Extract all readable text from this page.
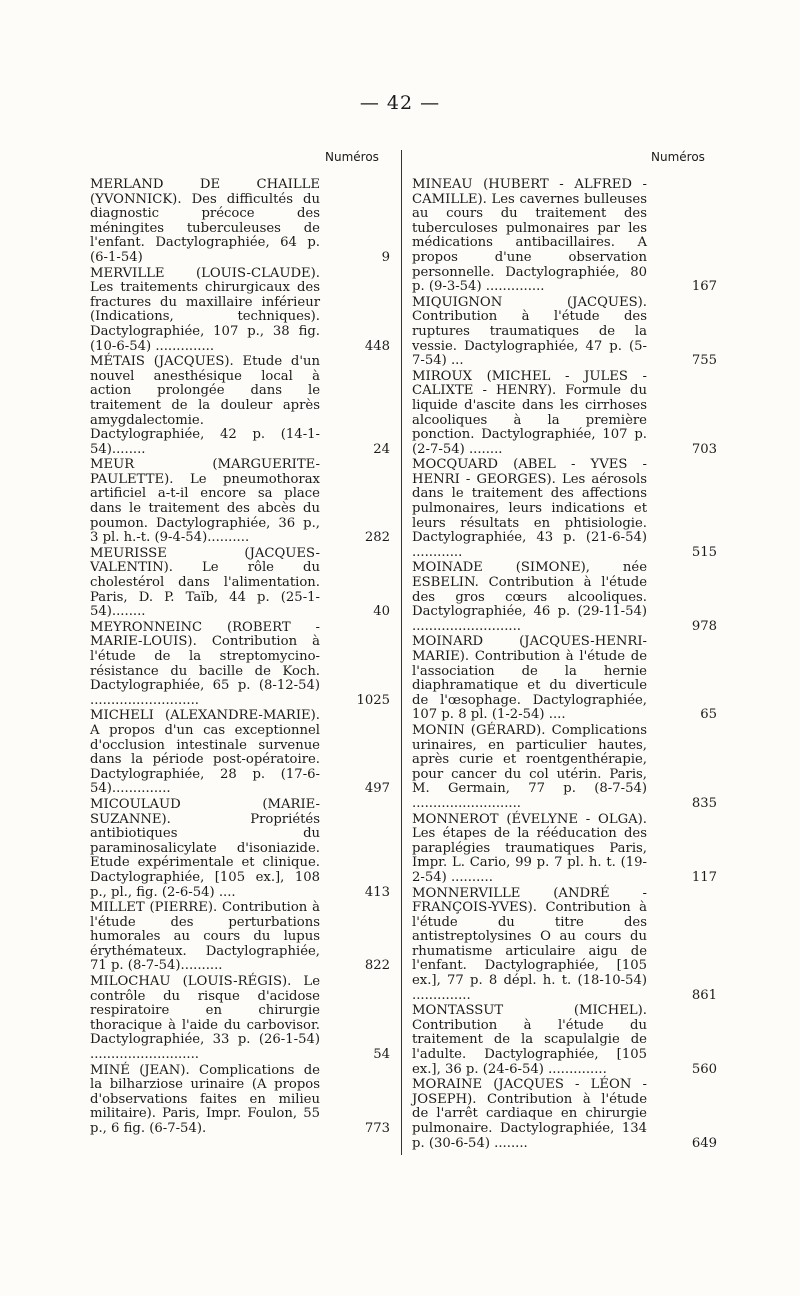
— 42 —
Numéros	Numéros
MERLAND DE CHAILLE (YVONNICK). Des difficultés du diagnostic précoce des méningites tuberculeuses de l'enfant. Dactylographiée, 64 p. (6-1-54)	9
MERVILLE (LOUIS-CLAUDE). Les traitements chirurgicaux des fractures du maxillaire inférieur (Indications, techniques). Dactylographiée, 107 p., 38 fig. (10-6-54) ..............	448
MÉTAIS (JACQUES). Etude d'un nouvel anesthésique local à action prolongée dans le traitement de la douleur après amygdalectomie. Dactylographiée, 42 p. (14-1-54)........	24
MEUR (MARGUERITE-PAULETTE). Le pneumothorax artificiel a-t-il encore sa place dans le traitement des abcès du poumon. Dactylographiée, 36 p., 3 pl. h.-t. (9-4-54)..........	282
MEURISSE (JACQUES-VALENTIN). Le rôle du cholestérol dans l'alimentation. Paris, D. P. Taïb, 44 p. (25-1-54)........	40
MEYRONNEINC (ROBERT - MARIE-LOUIS). Contribution à l'étude de la streptomycino-résistance du bacille de Koch. Dactylographiée, 65 p. (8-12-54) ..........................	1025
MICHELI (ALEXANDRE-MARIE). A propos d'un cas exceptionnel d'occlusion intestinale survenue dans la période post-opératoire. Dactylographiée, 28 p. (17-6-54)..............	497
MICOULAUD (MARIE-SUZANNE). Propriétés antibiotiques du paraminosalicylate d'isoniazide. Etude expérimentale et clinique. Dactylographiée, [105 ex.], 108 p., pl., fig. (2-6-54) ....	413
MILLET (PIERRE). Contribution à l'étude des perturbations humorales au cours du lupus érythémateux. Dactylographiée, 71 p. (8-7-54)..........	822
MILOCHAU (LOUIS-RÉGIS). Le contrôle du risque d'acidose respiratoire en chirurgie thoracique à l'aide du carbovisor. Dactylographiée, 33 p. (26-1-54) ..........................	54
MINÉ (JEAN). Complications de la bilharziose urinaire (A propos d'observations faites en milieu militaire). Paris, Impr. Foulon, 55 p., 6 fig. (6-7-54).	773
MINEAU (HUBERT - ALFRED - CAMILLE). Les cavernes bulleuses au cours du traitement des tuberculoses pulmonaires par les médications antibacillaires. A propos d'une observation personnelle. Dactylographiée, 80 p. (9-3-54) ..............	167
MIQUIGNON (JACQUES). Contribution à l'étude des ruptures traumatiques de la vessie. Dactylographiée, 47 p. (5-7-54) ...	755
MIROUX (MICHEL - JULES - CALIXTE - HENRY). Formule du liquide d'ascite dans les cirrhoses alcooliques à la première ponction. Dactylographiée, 107 p. (2-7-54) ........	703
MOCQUARD (ABEL - YVES - HENRI - GEORGES). Les aérosols dans le traitement des affections pulmonaires, leurs indications et leurs résultats en phtisiologie. Dactylographiée, 43 p. (21-6-54) ............	515
MOINADE (SIMONE), née ESBELIN. Contribution à l'étude des gros cœurs alcooliques. Dactylographiée, 46 p. (29-11-54) ..........................	978
MOINARD (JACQUES-HENRI-MARIE). Contribution à l'étude de l'association de la hernie diaphramatique et du diverticule de l'œsophage. Dactylographiée, 107 p. 8 pl. (1-2-54) ....	65
MONIN (GÉRARD). Complications urinaires, en particulier hautes, après curie et roentgenthérapie, pour cancer du col utérin. Paris, M. Germain, 77 p. (8-7-54) ..........................	835
MONNEROT (ÉVELYNE - OLGA). Les étapes de la rééducation des paraplégies traumatiques Paris, Impr. L. Cario, 99 p. 7 pl. h. t. (19-2-54) ..........	117
MONNERVILLE (ANDRÉ - FRANÇOIS-YVES). Contribution à l'étude du titre des antistreptolysines O au cours du rhumatisme articulaire aigu de l'enfant. Dactylographiée, [105 ex.], 77 p. 8 dépl. h. t. (18-10-54) ..............	861
MONTASSUT (MICHEL). Contribution à l'étude du traitement de la scapulalgie de l'adulte. Dactylographiée, [105 ex.], 36 p. (24-6-54) ..............	560
MORAINE (JACQUES - LÉON - JOSEPH). Contribution à l'étude de l'arrêt cardiaque en chirurgie pulmonaire. Dactylographiée, 134 p. (30-6-54) ........	649
